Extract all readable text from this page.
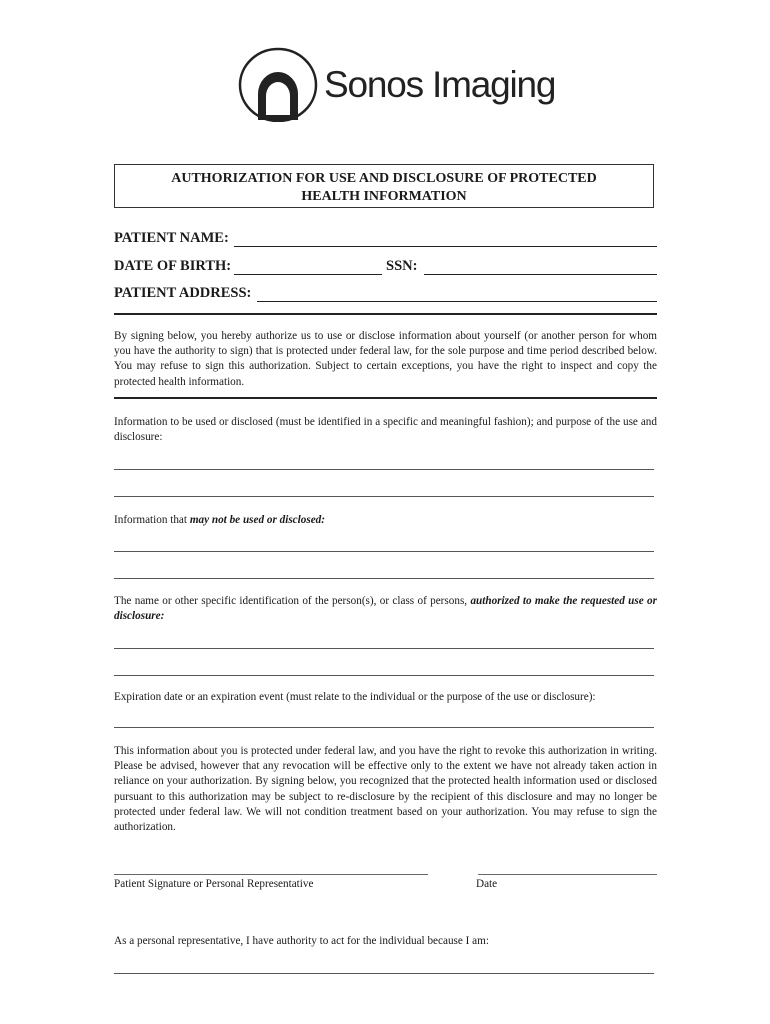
Sonos Imaging
AUTHORIZATION FOR USE AND DISCLOSURE OF PROTECTED
HEALTH INFORMATION
PATIENT NAME:
DATE OF BIRTH:	SSN:
PATIENT ADDRESS:
By signing below, you hereby authorize us to use or disclose information about yourself (or another person for whom you have the authority to sign) that is protected under federal law, for the sole purpose and time period described below. You may refuse to sign this authorization. Subject to certain exceptions, you have the right to inspect and copy the protected health information.
Information to be used or disclosed (must be identified in a specific and meaningful fashion); and purpose of the use and disclosure:
Information that may not be used or disclosed:
The name or other specific identification of the person(s), or class of persons, authorized to make the requested use or disclosure:
Expiration date or an expiration event (must relate to the individual or the purpose of the use or disclosure):
This information about you is protected under federal law, and you have the right to revoke this authorization in writing. Please be advised, however that any revocation will be effective only to the extent we have not already taken action in reliance on your authorization. By signing below, you recognized that the protected health information used or disclosed pursuant to this authorization may be subject to re-disclosure by the recipient of this disclosure and may no longer be protected under federal law. We will not condition treatment based on your authorization. You may refuse to sign the authorization.
Patient Signature or Personal Representative	Date
As a personal representative, I have authority to act for the individual because I am:
